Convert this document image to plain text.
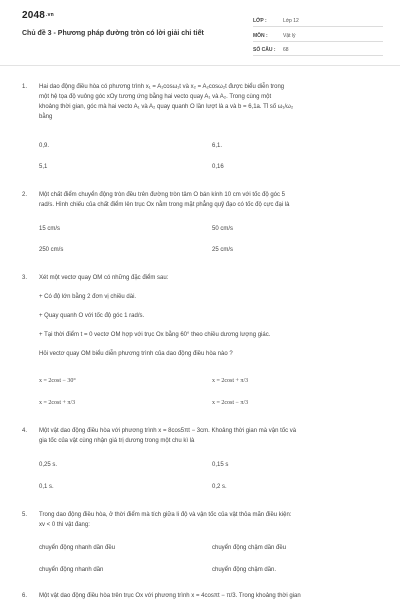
2048.vn
Chủ đề 3 - Phương pháp đường tròn có lời giải chi tiết
LỚP :	Lớp 12
MÔN :	Vật lý
SỐ CÂU : 68
1. Hai dao động điều hòa có phương trình x₁ = A₁cosω₁t và x₂ = A₂cosω₂t được biểu diễn trong
một hệ tọa độ vuông góc xOy tương ứng bằng hai vecto quay A₁ và A₂. Trong cùng một
khoảng thời gian, góc mà hai vecto A₁ và A₂ quay quanh O lần lượt là a và b = 6,1a. Tỉ số ω₁/ω₂
bằng
0,9.	6,1.
5,1	0,16
2. Một chất điểm chuyển động tròn đều trên đường tròn tâm O bán kính 10 cm với tốc độ góc 5
rad/s. Hình chiếu của chất điểm lên trục Ox nằm trong mặt phẳng quỹ đạo có tốc độ cực đại là
15 cm/s	50 cm/s
250 cm/s	25 cm/s
3. Xét một vectơ quay OM có những đặc điểm sau:
+ Có độ lớn bằng 2 đơn vị chiều dài.
+ Quay quanh O với tốc độ góc 1 rad/s.
+ Tại thời điểm t = 0 vectơ OM hợp với trục Ox bằng 60° theo chiều dương lượng giác.
Hỏi vectơ quay OM biểu diễn phương trình của dao động điều hòa nào ?
x = 2cost − 30°	x = 2cost + π/3
x = 2cost + π/3	x = 2cost − π/3
4. Một vật dao động điều hòa với phương trình x = 8cos5πt − 3cm. Khoảng thời gian mà vận tốc và
gia tốc của vật cùng nhận giá trị dương trong một chu kì là
0,25 s.	0,15 s
0,1 s.	0,2 s.
5. Trong dao động điều hòa, ở thời điểm mà tích giữa li độ và vận tốc của vật thỏa mãn điều kiện:
xv < 0 thì vật đang:
chuyển động nhanh dần đều	chuyển động chậm dần đều
chuyển động nhanh dần	chuyển động chậm dần.
6. Một vật dao động điều hòa trên trục Ox với phương trình x = 4cosπt − π/3. Trong khoảng thời gian
